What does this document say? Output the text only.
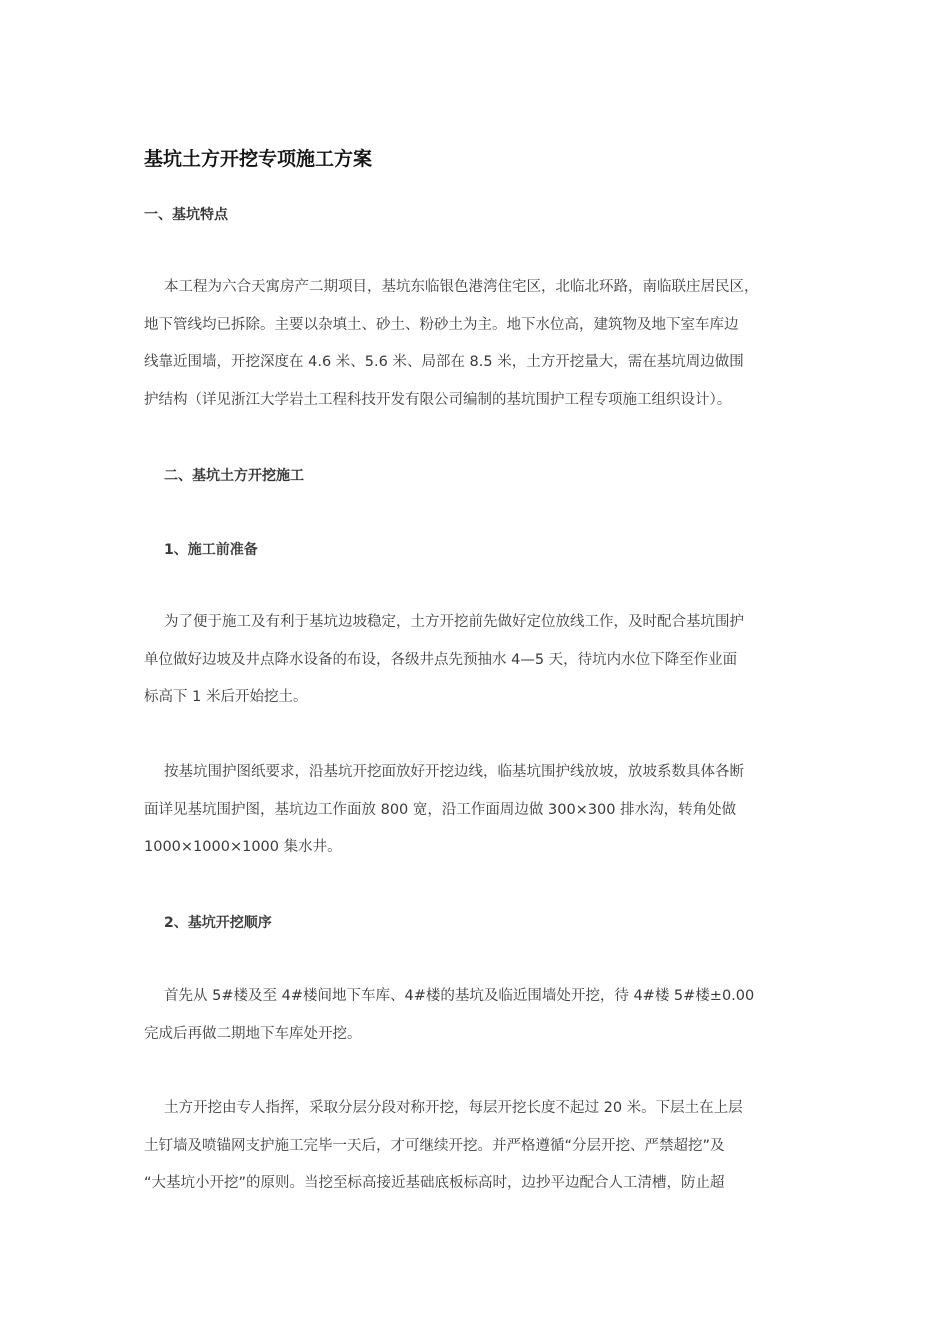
基坑土方开挖专项施工方案
一、基坑特点
本工程为六合天寓房产二期项目，基坑东临银色港湾住宅区，北临北环路，南临联庄居民区，
地下管线均已拆除。主要以杂填土、砂土、粉砂土为主。地下水位高，建筑物及地下室车库边
线靠近围墙，开挖深度在 4.6 米、5.6 米、局部在 8.5 米，土方开挖量大，需在基坑周边做围
护结构（详见浙江大学岩土工程科技开发有限公司编制的基坑围护工程专项施工组织设计）。
二、基坑土方开挖施工
1、施工前准备
为了便于施工及有利于基坑边坡稳定，土方开挖前先做好定位放线工作，及时配合基坑围护
单位做好边坡及井点降水设备的布设，各级井点先预抽水 4—5 天，待坑内水位下降至作业面
标高下 1 米后开始挖土。
按基坑围护图纸要求，沿基坑开挖面放好开挖边线，临基坑围护线放坡，放坡系数具体各断
面详见基坑围护图，基坑边工作面放 800 宽，沿工作面周边做 300×300 排水沟，转角处做
1000×1000×1000 集水井。
2、基坑开挖顺序
首先从 5#楼及至 4#楼间地下车库、4#楼的基坑及临近围墙处开挖，待 4#楼 5#楼±0.00
完成后再做二期地下车库处开挖。
土方开挖由专人指挥，采取分层分段对称开挖，每层开挖长度不起过 20 米。下层土在上层
土钉墙及喷锚网支护施工完毕一天后，才可继续开挖。并严格遵循“分层开挖、严禁超挖”及
“大基坑小开挖”的原则。当挖至标高接近基础底板标高时，边抄平边配合人工清槽，防止超
